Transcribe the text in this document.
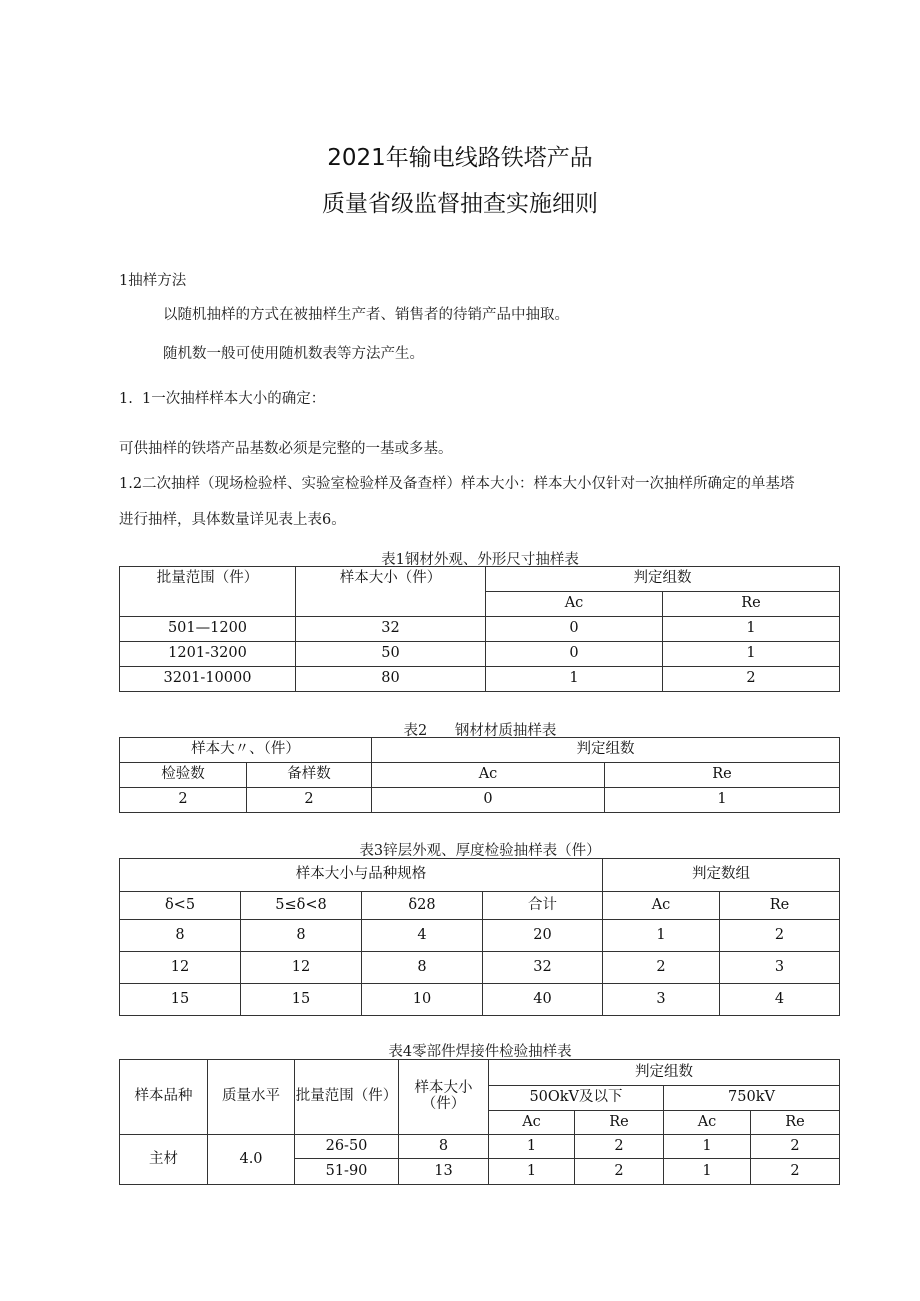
2021年输电线路铁塔产品
质量省级监督抽查实施细则
1抽样方法
以随机抽样的方式在被抽样生产者、销售者的待销产品中抽取。
随机数一般可使用随机数表等方法产生。
1.  1一次抽样样本大小的确定：
可供抽样的铁塔产品基数必须是完整的一基或多基。
1.2二次抽样（现场检验样、实验室检验样及备查样）样本大小：样本大小仅针对一次抽样所确定的单基塔
进行抽样，具体数量详见表上表6。
表1钢材外观、外形尺寸抽样表
批量范围（件）	样本大小（件）	判定组数	
		Ac	Re
501—1200	32	0	1
1201-3200	50	0	1
3201-10000	80	1	2
表2      钢材材质抽样表
样本大〃、（件）		判定组数	
检验数	备样数	Ac	Re
2	2	0	1
表3锌层外观、厚度检验抽样表（件）
样本大小与品种规格				判定数组	
δ<5	5≤δ<8	δ28	合计	Ac	Re
8	8	4	20	1	2
12	12	8	32	2	3
15	15	10	40	3	4
表4零部件焊接件检验抽样表
样本品种	质量水平	批量范围（件）	样本大小（件）	判定组数			
				50OkV及以下		750kV	
				Ac	Re	Ac	Re
主材	4.0	26-50	8	1	2	1	2
		51-90	13	1	2	1	2
